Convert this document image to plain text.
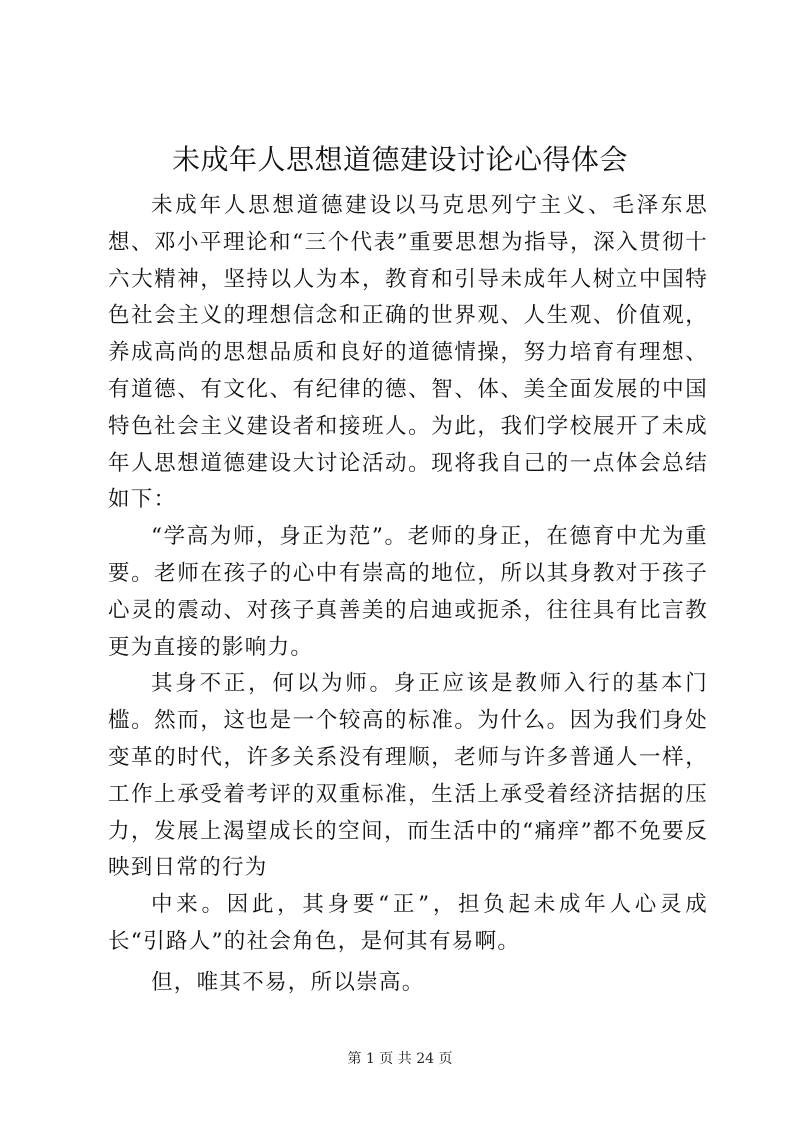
未成年人思想道德建设讨论心得体会

未成年人思想道德建设以马克思列宁主义、毛泽东思想、邓小平理论和“三个代表”重要思想为指导，深入贯彻十六大精神，坚持以人为本，教育和引导未成年人树立中国特色社会主义的理想信念和正确的世界观、人生观、价值观，养成高尚的思想品质和良好的道德情操，努力培育有理想、有道德、有文化、有纪律的德、智、体、美全面发展的中国特色社会主义建设者和接班人。为此，我们学校展开了未成年人思想道德建设大讨论活动。现将我自己的一点体会总结如下：

“学高为师，身正为范”。老师的身正，在德育中尤为重要。老师在孩子的心中有崇高的地位，所以其身教对于孩子心灵的震动、对孩子真善美的启迪或扼杀，往往具有比言教更为直接的影响力。

其身不正，何以为师。身正应该是教师入行的基本门槛。然而，这也是一个较高的标准。为什么。因为我们身处变革的时代，许多关系没有理顺，老师与许多普通人一样，工作上承受着考评的双重标准，生活上承受着经济拮据的压力，发展上渴望成长的空间，而生活中的“痛痒”都不免要反映到日常的行为

中来。因此，其身要“正”，担负起未成年人心灵成长“引路人”的社会角色，是何其有易啊。

但，唯其不易，所以崇高。

第 1 页 共 24 页
